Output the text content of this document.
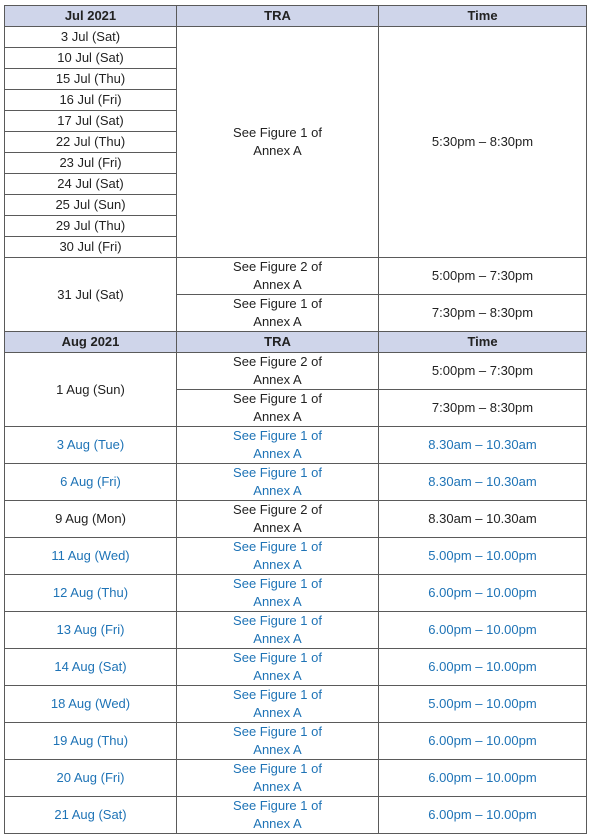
Jul 2021	TRA	Time
3 Jul (Sat)	See Figure 1 of
Annex A	5:30pm – 8:30pm
10 Jul (Sat)		
15 Jul (Thu)		
16 Jul (Fri)		
17 Jul (Sat)		
22 Jul (Thu)		
23 Jul (Fri)		
24 Jul (Sat)		
25 Jul (Sun)		
29 Jul (Thu)		
30 Jul (Fri)		
31 Jul (Sat)	See Figure 2 of
Annex A	5:00pm – 7:30pm
	See Figure 1 of
Annex A	7:30pm – 8:30pm
Aug 2021	TRA	Time
1 Aug (Sun)	See Figure 2 of
Annex A	5:00pm – 7:30pm
	See Figure 1 of
Annex A	7:30pm – 8:30pm
3 Aug (Tue)	See Figure 1 of
Annex A	8.30am – 10.30am
6 Aug (Fri)	See Figure 1 of
Annex A	8.30am – 10.30am
9 Aug (Mon)	See Figure 2 of
Annex A	8.30am – 10.30am
11 Aug (Wed)	See Figure 1 of
Annex A	5.00pm – 10.00pm
12 Aug (Thu)	See Figure 1 of
Annex A	6.00pm – 10.00pm
13 Aug (Fri)	See Figure 1 of
Annex A	6.00pm – 10.00pm
14 Aug (Sat)	See Figure 1 of
Annex A	6.00pm – 10.00pm
18 Aug (Wed)	See Figure 1 of
Annex A	5.00pm – 10.00pm
19 Aug (Thu)	See Figure 1 of
Annex A	6.00pm – 10.00pm
20 Aug (Fri)	See Figure 1 of
Annex A	6.00pm – 10.00pm
21 Aug (Sat)	See Figure 1 of
Annex A	6.00pm – 10.00pm
